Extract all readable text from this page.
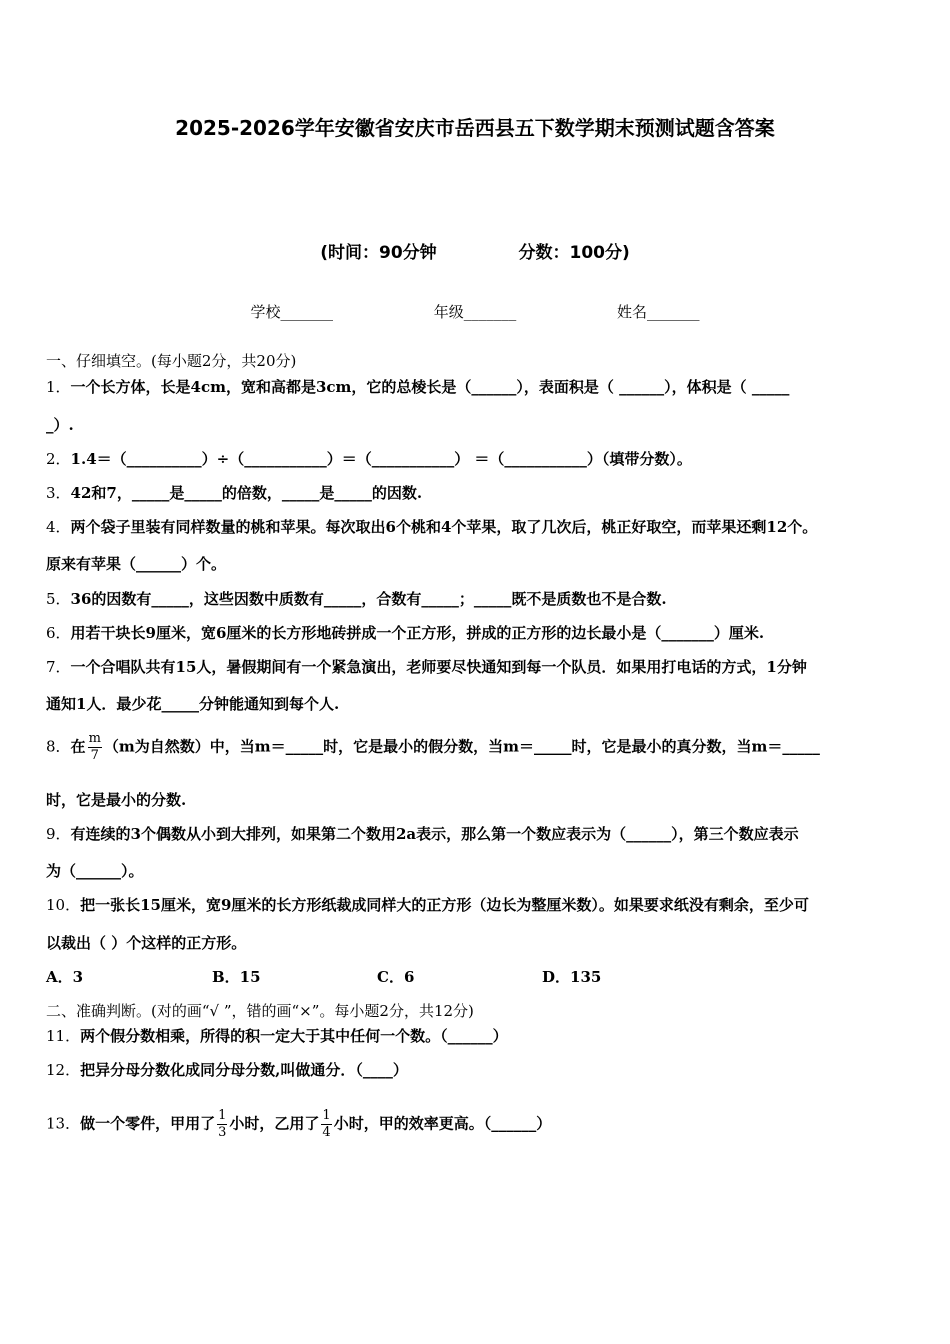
2025-2026学年安徽省安庆市岳西县五下数学期末预测试题含答案
(时间：90分钟	分数：100分)
学校_______	年级_______	姓名_______
一、仔细填空。(每小题2分，共20分)
1．一个长方体，长是4cm，宽和高都是3cm，它的总棱长是（______），表面积是（ ______），体积是（ _____
_）.
2．1.4＝（__________）÷（___________）＝（___________） ＝（___________）（填带分数）。
3．42和7，_____是_____的倍数，_____是_____的因数.
4．两个袋子里装有同样数量的桃和苹果。每次取出6个桃和4个苹果，取了几次后，桃正好取空，而苹果还剩12个。
原来有苹果（______）个。
5．36的因数有_____，这些因数中质数有_____，合数有_____；_____既不是质数也不是合数.
6．用若干块长9厘米，宽6厘米的长方形地砖拼成一个正方形，拼成的正方形的边长最小是（_______）厘米.
7．一个合唱队共有15人，暑假期间有一个紧急演出，老师要尽快通知到每一个队员．如果用打电话的方式，1分钟
通知1人．最少花_____分钟能通知到每个人.
8．在 $\frac{m}{7} (m$为自然数）中，当m＝_____时，它是最小的假分数，当m＝_____时，它是最小的真分数，当m＝_____
时，它是最小的分数.
9．有连续的3个偶数从小到大排列，如果第二个数用2a表示，那么第一个数应表示为（______），第三个数应表示
为（______）。
10．把一张长15厘米，宽9厘米的长方形纸裁成同样大的正方形（边长为整厘米数）。如果要求纸没有剩余，至少可
以裁出（ ）个这样的正方形。
A．3	B．15	C．6	D．135
二、准确判断。(对的画“√ ”，错的画“×”。每小题2分，共12分)
11．两个假分数相乘，所得的积一定大于其中任何一个数。（______）
12．把异分母分数化成同分母分数,叫做通分．（____）
13．做一个零件，甲用了 $\frac{1}{3}$ 小时，乙用了 $\frac{1}{4}$ 小时，甲的效率更高。（______）
